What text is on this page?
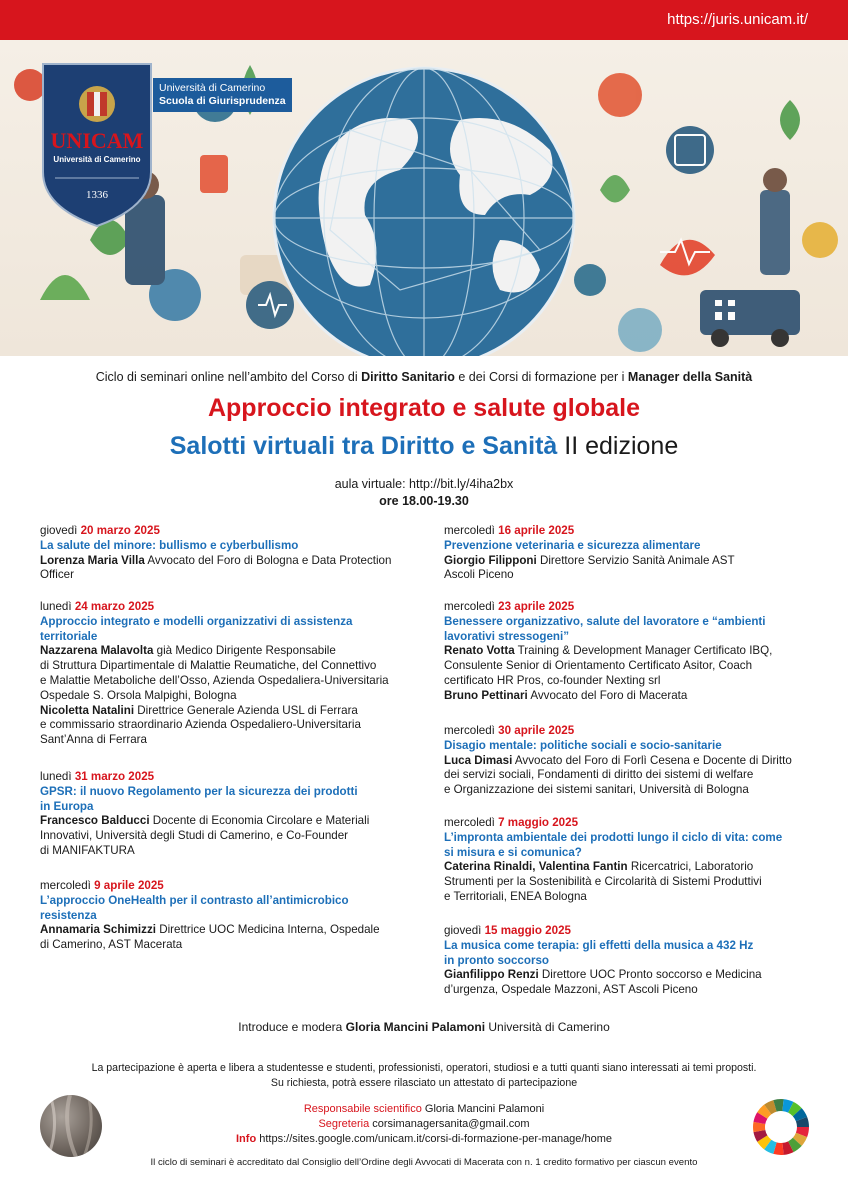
https://juris.unicam.it/
UNICAM
Università di Camerino
1336
Università di Camerino
Scuola di Giurisprudenza
Ciclo di seminari online nell’ambito del Corso di Diritto Sanitario e dei Corsi di formazione per i Manager della Sanità
Approccio integrato e salute globale
Salotti virtuali tra Diritto e Sanità II edizione
aula virtuale: http://bit.ly/4iha2bx
ore 18.00-19.30
giovedì 20 marzo 2025
La salute del minore: bullismo e cyberbullismo
Lorenza Maria Villa Avvocato del Foro di Bologna e Data Protection
Officer
lunedì 24 marzo 2025
Approccio integrato e modelli organizzativi di assistenza
territoriale
Nazzarena Malavolta già Medico Dirigente Responsabile
di Struttura Dipartimentale di Malattie Reumatiche, del Connettivo
e Malattie Metaboliche dell’Osso, Azienda Ospedaliera-Universitaria
Ospedale S. Orsola Malpighi, Bologna
Nicoletta Natalini Direttrice Generale Azienda USL di Ferrara
e commissario straordinario Azienda Ospedaliero-Universitaria
Sant’Anna di Ferrara
lunedì 31 marzo 2025
GPSR: il nuovo Regolamento per la sicurezza dei prodotti
in Europa
Francesco Balducci Docente di Economia Circolare e Materiali
Innovativi, Università degli Studi di Camerino, e Co-Founder
di MANIFAKTURA
mercoledì 9 aprile 2025
L’approccio OneHealth per il contrasto all’antimicrobico
resistenza
Annamaria Schimizzi Direttrice UOC Medicina Interna, Ospedale
di Camerino, AST Macerata
mercoledì 16 aprile 2025
Prevenzione veterinaria e sicurezza alimentare
Giorgio Filipponi Direttore Servizio Sanità Animale AST
Ascoli Piceno
mercoledì 23 aprile 2025
Benessere organizzativo, salute del lavoratore e “ambienti
lavorativi stressogeni”
Renato Votta Training & Development Manager Certificato IBQ,
Consulente Senior di Orientamento Certificato Asitor, Coach
certificato HR Pros, co-founder Nexting srl
Bruno Pettinari Avvocato del Foro di Macerata
mercoledì 30 aprile 2025
Disagio mentale: politiche sociali e socio-sanitarie
Luca Dimasi Avvocato del Foro di Forlì Cesena e Docente di Diritto
dei servizi sociali, Fondamenti di diritto dei sistemi di welfare
e Organizzazione dei sistemi sanitari, Università di Bologna
mercoledì 7 maggio 2025
L’impronta ambientale dei prodotti lungo il ciclo di vita: come
si misura e si comunica?
Caterina Rinaldi, Valentina Fantin Ricercatrici, Laboratorio
Strumenti per la Sostenibilità e Circolarità di Sistemi Produttivi
e Territoriali, ENEA Bologna
giovedì 15 maggio 2025
La musica come terapia: gli effetti della musica a 432 Hz
in pronto soccorso
Gianfilippo Renzi Direttore UOC Pronto soccorso e Medicina
d’urgenza, Ospedale Mazzoni, AST Ascoli Piceno
Introduce e modera Gloria Mancini Palamoni Università di Camerino
La partecipazione è aperta e libera a studentesse e studenti, professionisti, operatori, studiosi e a tutti quanti siano interessati ai temi proposti.
Su richiesta, potrà essere rilasciato un attestato di partecipazione
Responsabile scientifico Gloria Mancini Palamoni
Segreteria corsimanagersanita@gmail.com
Info https://sites.google.com/unicam.it/corsi-di-formazione-per-manage/home
Il ciclo di seminari è accreditato dal Consiglio dell’Ordine degli Avvocati di Macerata con n. 1 credito formativo per ciascun evento
